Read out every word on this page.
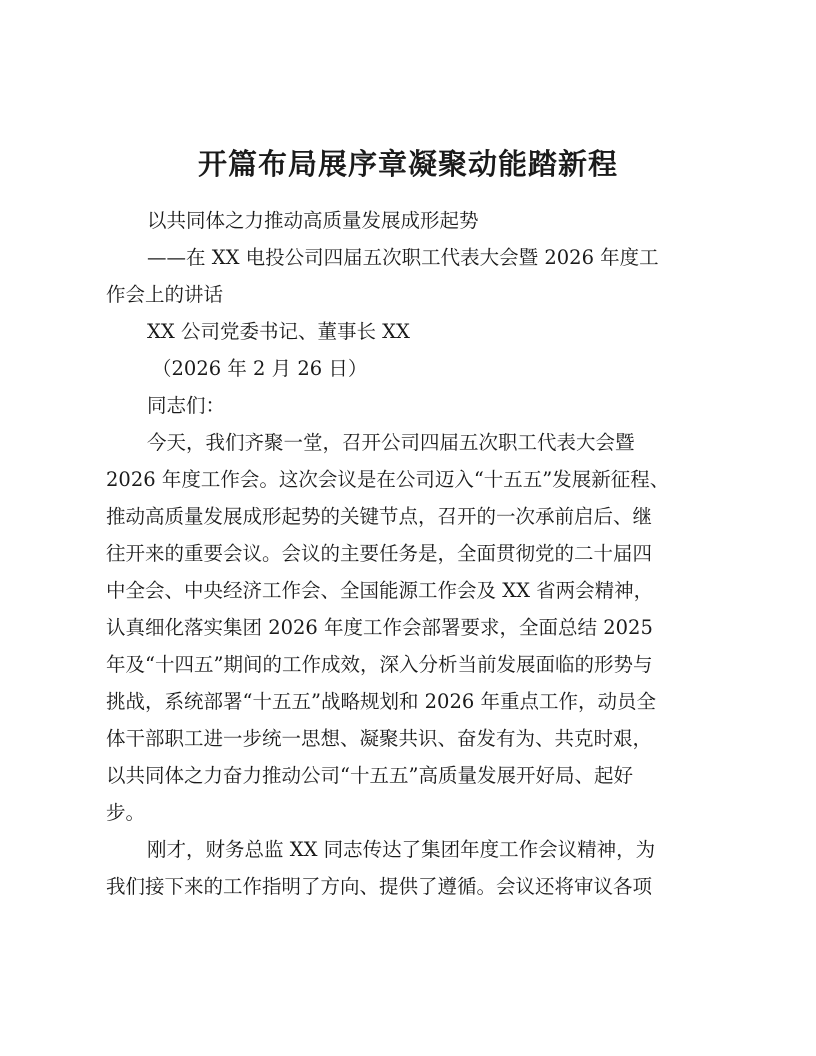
开篇布局展序章凝聚动能踏新程
以共同体之力推动高质量发展成形起势
——在 XX 电投公司四届五次职工代表大会暨 2026 年度工
作会上的讲话
XX 公司党委书记、董事长 XX
（2026 年 2 月 26 日）
同志们：
今天，我们齐聚一堂，召开公司四届五次职工代表大会暨
2026 年度工作会。这次会议是在公司迈入“十五五”发展新征程、
推动高质量发展成形起势的关键节点，召开的一次承前启后、继
往开来的重要会议。会议的主要任务是，全面贯彻党的二十届四
中全会、中央经济工作会、全国能源工作会及 XX 省两会精神，
认真细化落实集团 2026 年度工作会部署要求，全面总结 2025
年及“十四五”期间的工作成效，深入分析当前发展面临的形势与
挑战，系统部署“十五五”战略规划和 2026 年重点工作，动员全
体干部职工进一步统一思想、凝聚共识、奋发有为、共克时艰，
以共同体之力奋力推动公司“十五五”高质量发展开好局、起好
步。
刚才，财务总监 XX 同志传达了集团年度工作会议精神，为
我们接下来的工作指明了方向、提供了遵循。会议还将审议各项
